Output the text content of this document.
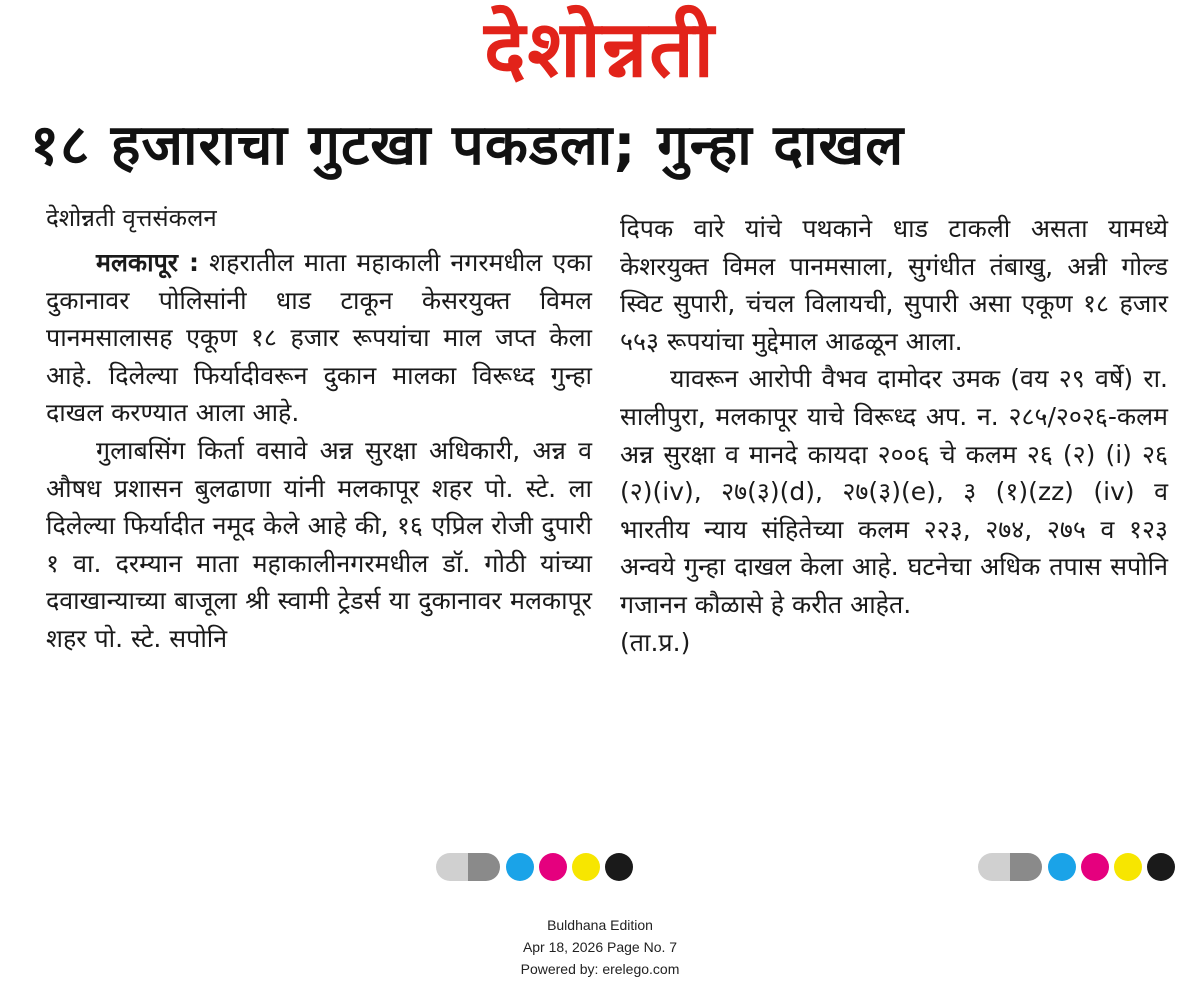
देशोन्नती
१८ हजाराचा गुटखा पकडला; गुन्हा दाखल

देशोन्नती वृत्तसंकलन

मलकापूर : शहरातील माता महाकाली नगरमधील एका दुकानावर पोलिसांनी धाड टाकून केसरयुक्त विमल पानमसालासह एकूण १८ हजार रूपयांचा माल जप्त केला आहे. दिलेल्या फिर्यादीवरून दुकान मालका विरूध्द गुन्हा दाखल करण्यात आला आहे.

गुलाबसिंग किर्ता वसावे अन्न सुरक्षा अधिकारी, अन्न व औषध प्रशासन बुलढाणा यांनी मलकापूर शहर पो. स्टे. ला दिलेल्या फिर्यादीत नमूद केले आहे की, १६ एप्रिल रोजी दुपारी १ वा. दरम्यान माता महाकालीनगरमधील डॉ. गोठी यांच्या दवाखान्याच्या बाजूला श्री स्वामी ट्रेडर्स या दुकानावर मलकापूर शहर पो. स्टे. सपोनि

दिपक वारे यांचे पथकाने धाड टाकली असता यामध्ये केशरयुक्त विमल पानमसाला, सुगंधीत तंबाखु, अन्नी गोल्ड स्विट सुपारी, चंचल विलायची, सुपारी असा एकूण १८ हजार ५५३ रूपयांचा मुद्देमाल आढळून आला.

यावरून आरोपी वैभव दामोदर उमक (वय २९ वर्षे) रा. सालीपुरा, मलकापूर याचे विरूध्द अप. न. २८५/२०२६-कलम अन्न सुरक्षा व मानदे कायदा २००६ चे कलम २६ (२) (i) २६ (२)(iv), २७(३)(d), २७(३)(e), ३ (१)(zz) (iv) व भारतीय न्याय संहितेच्या कलम २२३, २७४, २७५ व १२३ अन्वये गुन्हा दाखल केला आहे. घटनेचा अधिक तपास सपोनि गजानन कौळासे हे करीत आहेत.

(ता.प्र.)

Buldhana Edition
Apr 18, 2026 Page No. 7
Powered by: erelego.com
